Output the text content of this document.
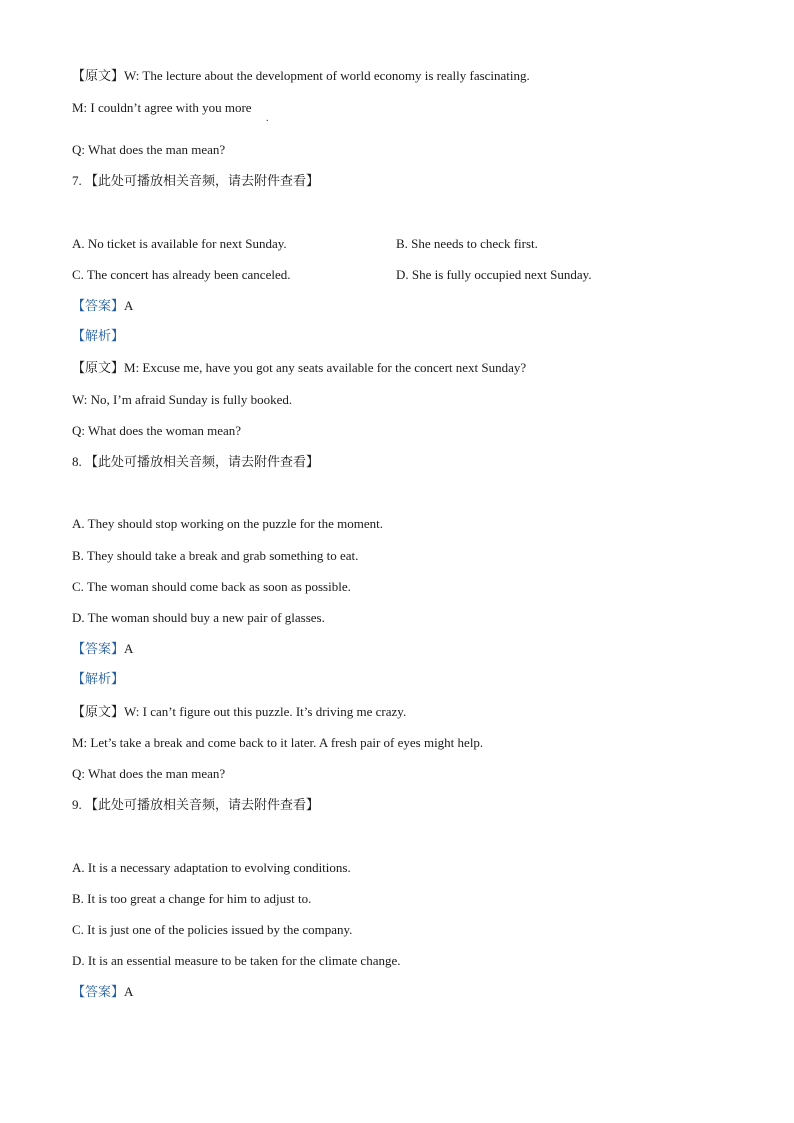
【原文】W: The lecture about the development of world economy is really fascinating.
M: I couldn’t agree with you more
.
Q: What does the man mean?
7. 【此处可播放相关音频，请去附件查看】
A. No ticket is available for next Sunday.	B. She needs to check first.
C. The concert has already been canceled.	D. She is fully occupied next Sunday.
【答案】A
【解析】
【原文】M: Excuse me, have you got any seats available for the concert next Sunday?
W: No, I’m afraid Sunday is fully booked.
Q: What does the woman mean?
8. 【此处可播放相关音频，请去附件查看】
A. They should stop working on the puzzle for the moment.
B. They should take a break and grab something to eat.
C. The woman should come back as soon as possible.
D. The woman should buy a new pair of glasses.
【答案】A
【解析】
【原文】W: I can’t figure out this puzzle. It’s driving me crazy.
M: Let’s take a break and come back to it later. A fresh pair of eyes might help.
Q: What does the man mean?
9. 【此处可播放相关音频，请去附件查看】
A. It is a necessary adaptation to evolving conditions.
B. It is too great a change for him to adjust to.
C. It is just one of the policies issued by the company.
D. It is an essential measure to be taken for the climate change.
【答案】A
